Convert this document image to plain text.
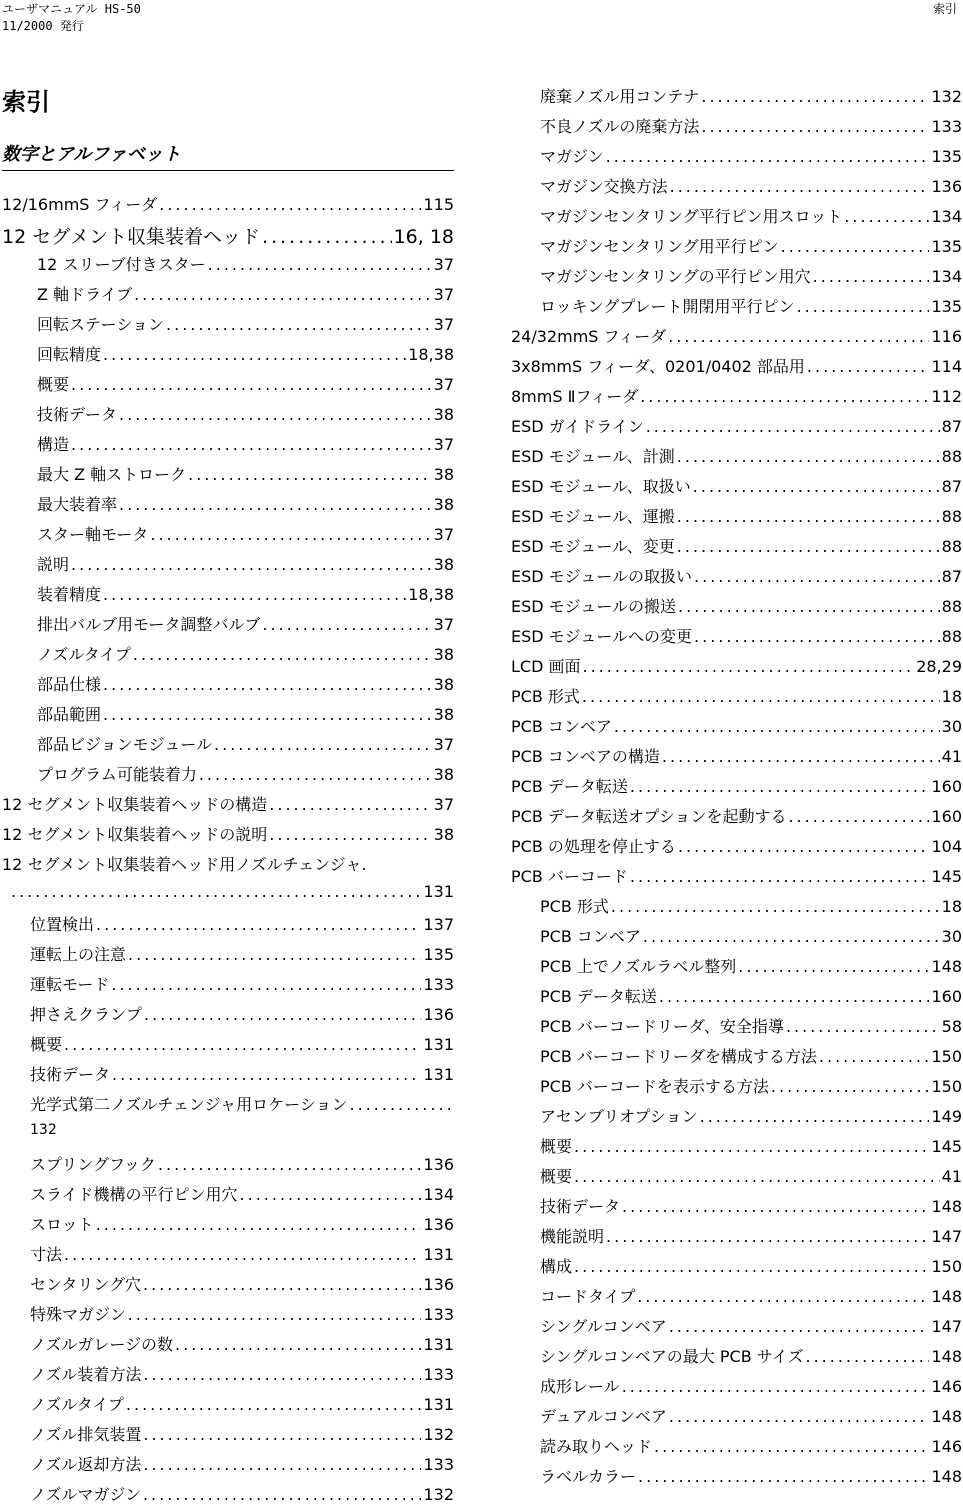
ユーザマニュアル HS-50
11/2000 発行
索引
索引
数字とアルファベット
12/16mmS フィーダ .....	115
12 セグメント収集装着ヘッド .....	16, 18
12 スリーブ付きスター .....	37
Z 軸ドライブ .....	37
回転ステーション .....	37
回転精度 .....	18,38
概要 .....	37
技術データ .....	38
構造 .....	37
最大 Z 軸ストローク .....	38
最大装着率 .....	38
スター軸モータ .....	37
説明 .....	38
装着精度 .....	18,38
排出バルブ用モータ調整バルブ .....	37
ノズルタイプ .....	38
部品仕様 .....	38
部品範囲 .....	38
部品ビジョンモジュール .....	37
プログラム可能装着力 .....	38
12 セグメント収集装着ヘッドの構造 .....	37
12 セグメント収集装着ヘッドの説明 .....	38
12 セグメント収集装着ヘッド用ノズルチェンジャ.
.....
131
位置検出 .....	137
運転上の注意 .....	135
運転モード .....	133
押さえクランプ .....	136
概要 .....	131
技術データ .....	131
光学式第二ノズルチェンジャ用ロケーション
.....
132
スプリングフック .....	136
スライド機構の平行ピン用穴 .....	134
スロット .....	136
寸法 .....	131
センタリング穴 .....	136
特殊マガジン .....	133
ノズルガレージの数 .....	131
ノズル装着方法 .....	133
ノズルタイプ .....	131
ノズル排気装置 .....	132
ノズル返却方法 .....	133
ノズルマガジン .....	132
廃棄ノズル用コンテナ .....	132
不良ノズルの廃棄方法 .....	133
マガジン .....	135
マガジン交換方法 .....	136
マガジンセンタリング平行ピン用スロット .....	134
マガジンセンタリング用平行ピン .....	135
マガジンセンタリングの平行ピン用穴 .....	134
ロッキングプレート開閉用平行ピン .....	135
24/32mmS フィーダ .....	116
3x8mmS フィーダ、0201/0402 部品用 .....	114
8mmS Ⅱフィーダ .....	112
ESD ガイドライン .....	87
ESD モジュール、計測 .....	88
ESD モジュール、取扱い .....	87
ESD モジュール、運搬 .....	88
ESD モジュール、変更 .....	88
ESD モジュールの取扱い .....	87
ESD モジュールの搬送 .....	88
ESD モジュールへの変更 .....	88
LCD 画面 .....	28,29
PCB 形式 .....	18
PCB コンベア .....	30
PCB コンベアの構造 .....	41
PCB データ転送 .....	160
PCB データ転送オプションを起動する .....	160
PCB の処理を停止する .....	104
PCB バーコード .....	145
PCB 形式 .....	18
PCB コンベア .....	30
PCB 上でノズルラベル整列 .....	148
PCB データ転送 .....	160
PCB バーコードリーダ、安全指導 .....	58
PCB バーコードリーダを構成する方法 .....	150
PCB バーコードを表示する方法 .....	150
アセンブリオプション .....	149
概要 .....	145
概要 .....	41
技術データ .....	148
機能説明 .....	147
構成 .....	150
コードタイプ .....	148
シングルコンベア .....	147
シングルコンベアの最大 PCB サイズ .....	148
成形レール .....	146
デュアルコンベア .....	148
読み取りヘッド .....	146
ラベルカラー .....	148
